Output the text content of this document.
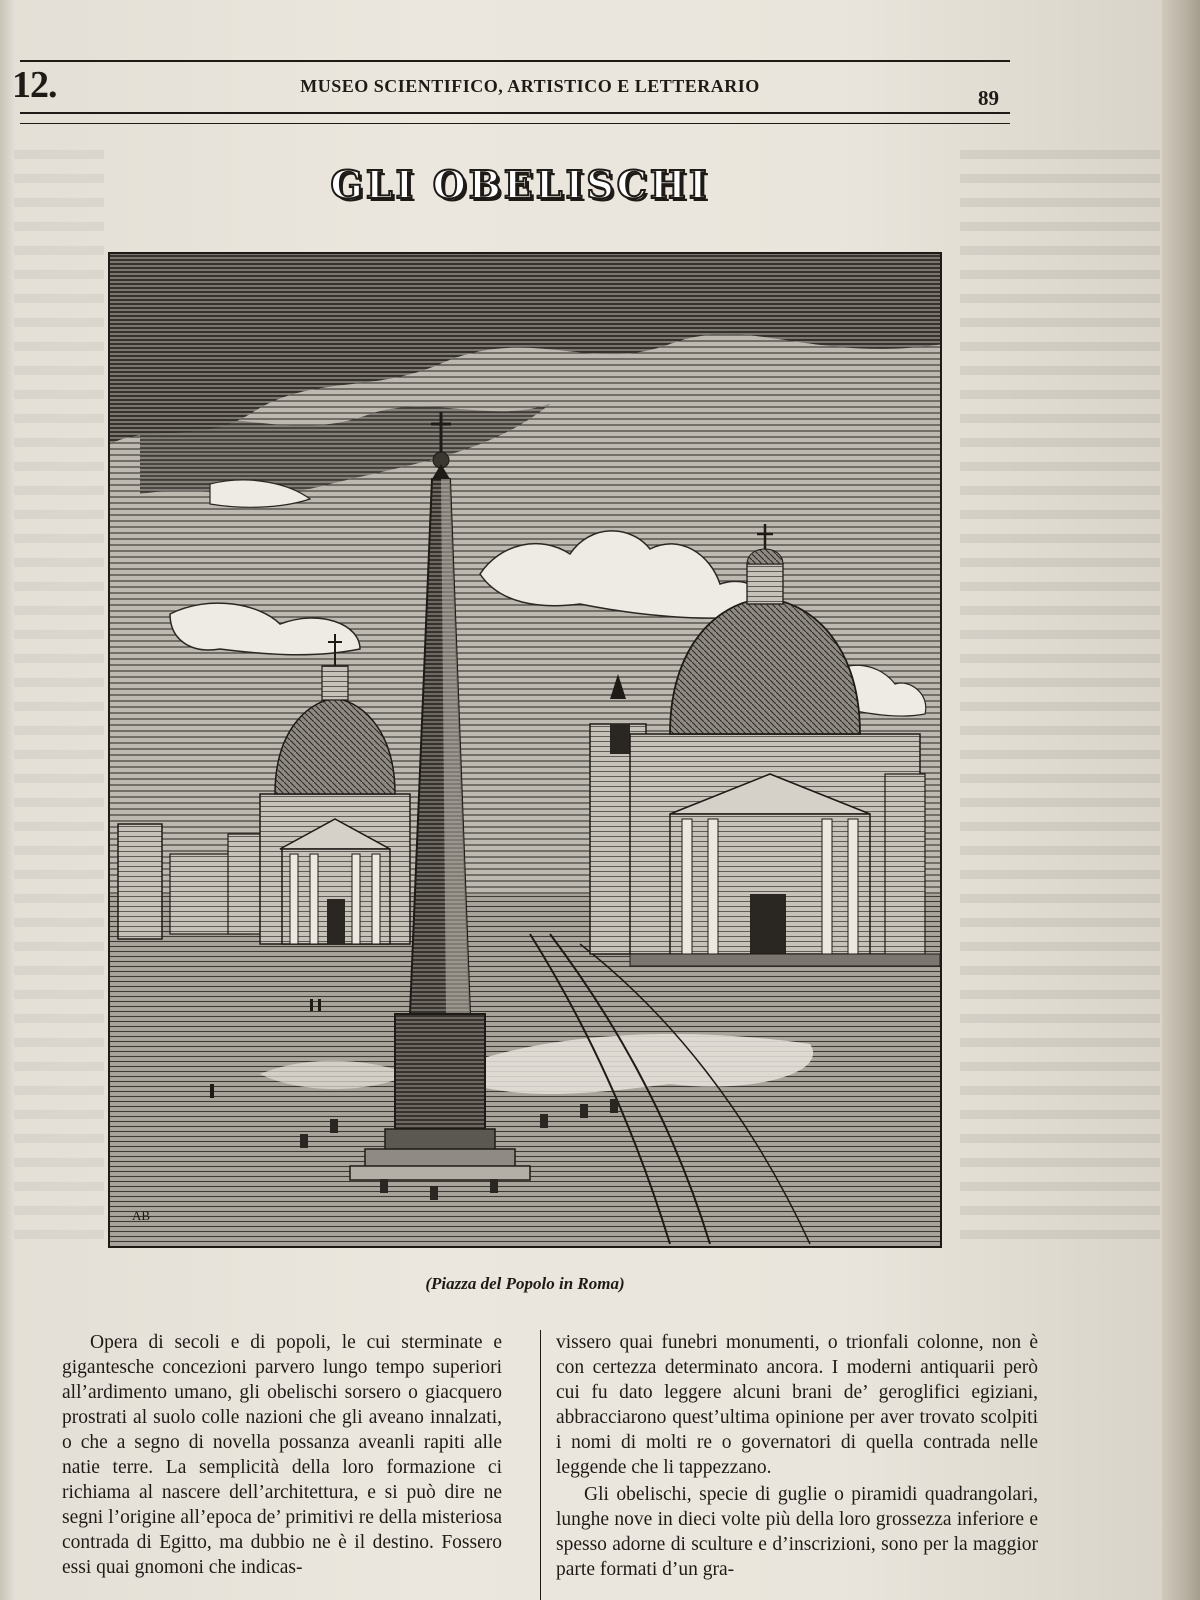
12.	MUSEO SCIENTIFICO, ARTISTICO E LETTERARIO	89
GLI OBELISCHI
AB
(Piazza del Popolo in Roma)

Opera di secoli e di popoli, le cui sterminate e gigantesche concezioni parvero lungo tempo superiori all’ardimento umano, gli obelischi sorsero o giacquero prostrati al suolo colle nazioni che gli aveano innalzati, o che a segno di novella possanza aveanli rapiti alle natie terre. La semplicità della loro formazione ci richiama al nascere dell’architettura, e si può dire ne segni l’origine all’epoca de’ primitivi re della misteriosa contrada di Egitto, ma dubbio ne è il destino. Fossero essi quai gnomoni che indicas-

vissero quai funebri monumenti, o trionfali colonne, non è con certezza determinato ancora. I moderni antiquarii però cui fu dato leggere alcuni brani de’ geroglifici egiziani, abbracciarono quest’ultima opinione per aver trovato scolpiti i nomi di molti re o governatori di quella contrada nelle leggende che li tappezzano.

Gli obelischi, specie di guglie o piramidi quadrangolari, lunghe nove in dieci volte più della loro grossezza inferiore e spesso adorne di sculture e d’inscrizioni, sono per la maggior parte formati d’un gra-
